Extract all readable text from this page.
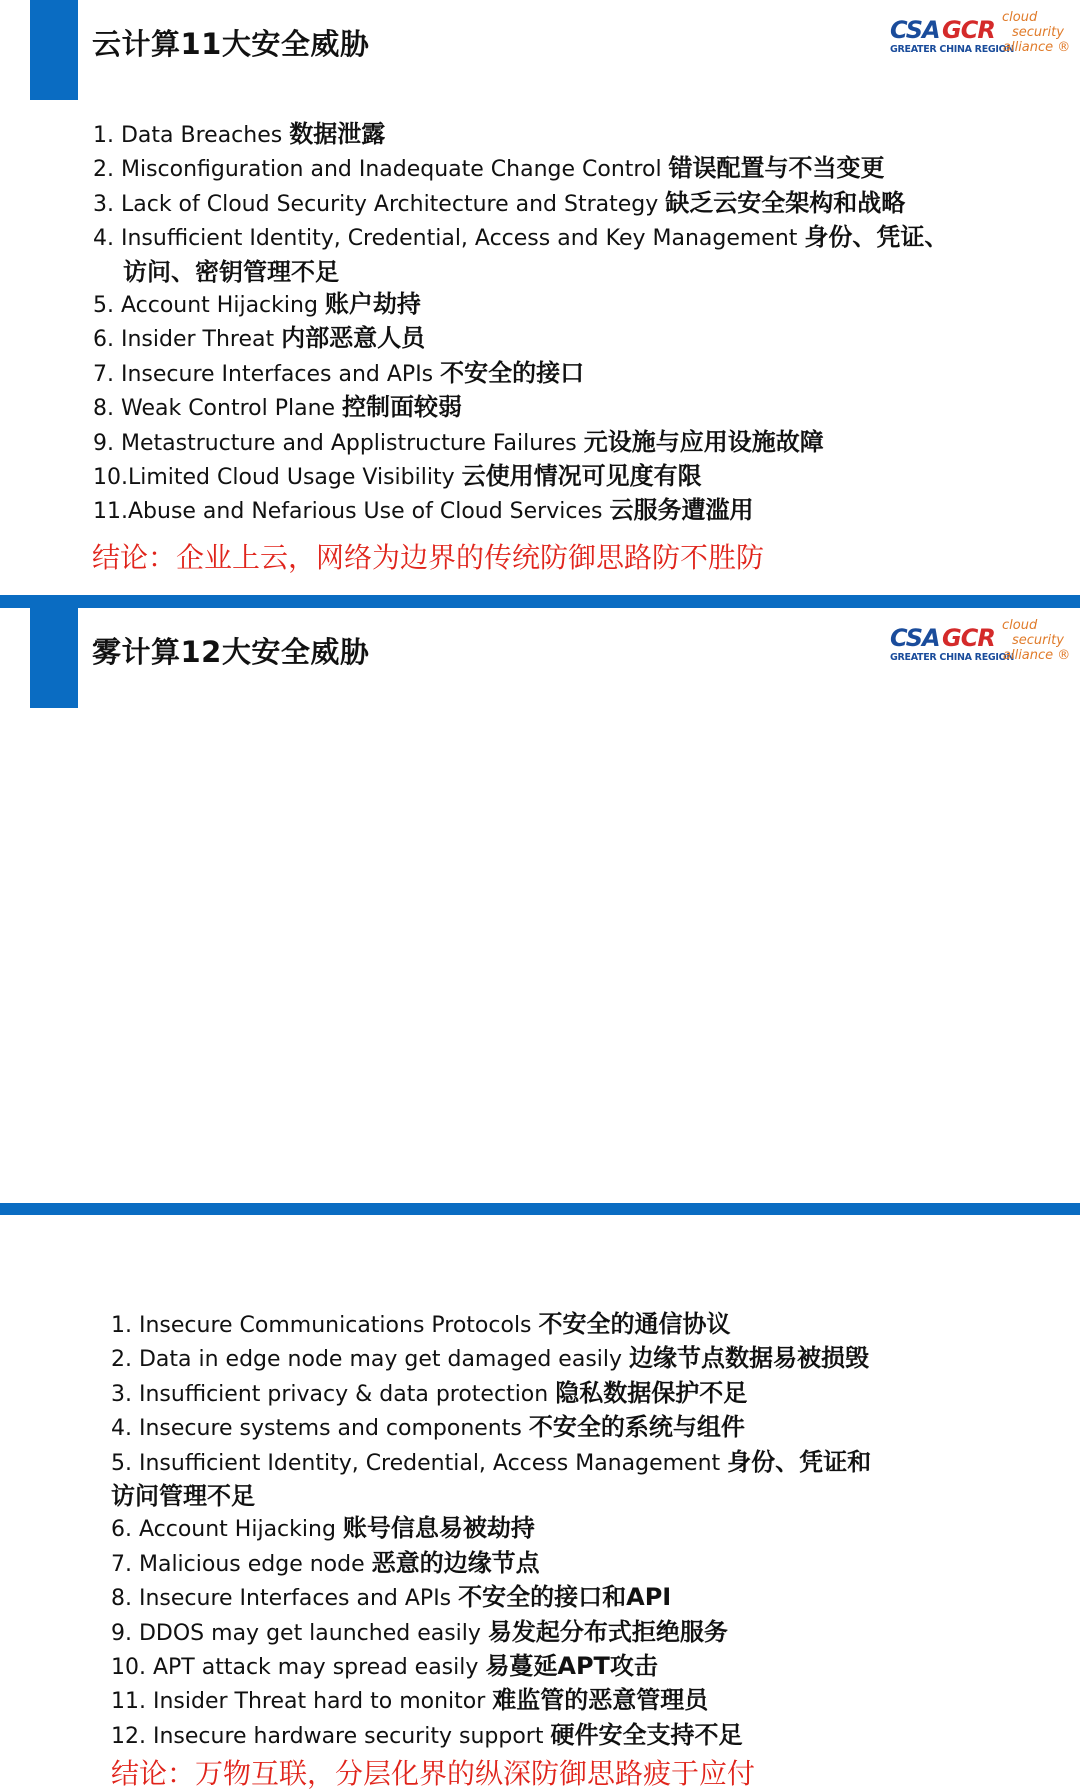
云计算11大安全威胁	CSA GCR
GREATER CHINA REGION
cloud
security
alliance ®
1. Data Breaches 数据泄露
2. Misconfiguration and Inadequate Change Control 错误配置与不当变更
3. Lack of Cloud Security Architecture and Strategy 缺乏云安全架构和战略
4. Insufficient Identity, Credential, Access and Key Management 身份、凭证、
访问、密钥管理不足
5. Account Hijacking 账户劫持
6. Insider Threat 内部恶意人员
7. Insecure Interfaces and APIs 不安全的接口
8. Weak Control Plane 控制面较弱
9. Metastructure and Applistructure Failures 元设施与应用设施故障
10.Limited Cloud Usage Visibility 云使用情况可见度有限
11.Abuse and Nefarious Use of Cloud Services 云服务遭滥用
结论：企业上云，网络为边界的传统防御思路防不胜防
雾计算12大安全威胁	CSA GCR
GREATER CHINA REGION
cloud
security
alliance ®
1. Insecure Communications Protocols 不安全的通信协议
2. Data in edge node may get damaged easily 边缘节点数据易被损毁
3. Insufficient privacy & data protection 隐私数据保护不足
4. Insecure systems and components 不安全的系统与组件
5. Insufficient Identity, Credential, Access Management 身份、凭证和
访问管理不足
6. Account Hijacking 账号信息易被劫持
7. Malicious edge node 恶意的边缘节点
8. Insecure Interfaces and APIs 不安全的接口和API
9. DDOS may get launched easily 易发起分布式拒绝服务
10. APT attack may spread easily 易蔓延APT攻击
11. Insider Threat hard to monitor 难监管的恶意管理员
12. Insecure hardware security support 硬件安全支持不足
结论：万物互联，分层化界的纵深防御思路疲于应付
